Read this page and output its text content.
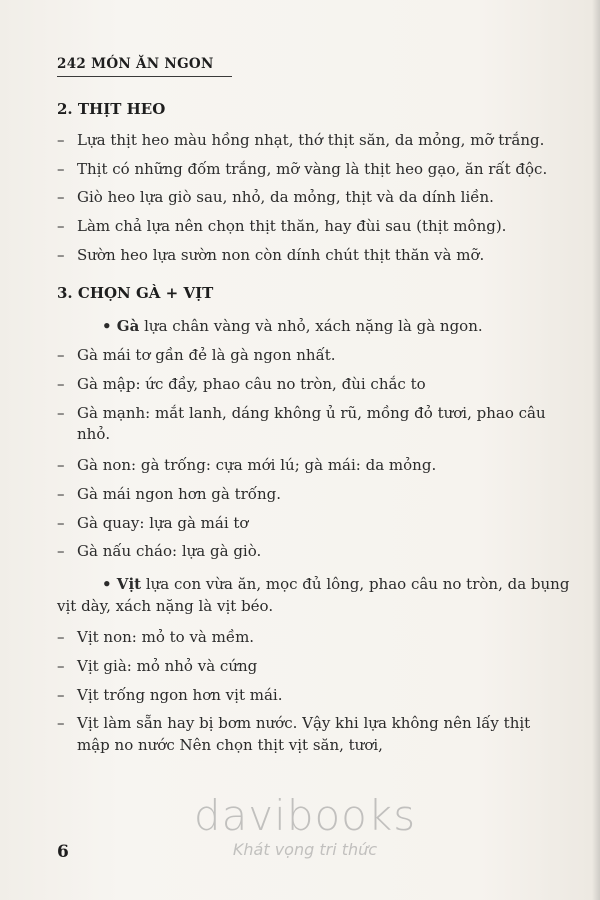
242 MÓN ĂN NGON
2. THỊT HEO
– Lựa thịt heo màu hồng nhạt, thớ thịt săn, da mỏng, mỡ trắng.
– Thịt có những đốm trắng, mỡ vàng là thịt heo gạo, ăn rất độc.
– Giò heo lựa giò sau, nhỏ, da mỏng, thịt và da dính liền.
– Làm chả lựa nên chọn thịt thăn, hay đùi sau (thịt mông).
– Sườn heo lựa sườn non còn dính chút thịt thăn và mỡ.
3. CHỌN GÀ + VỊT
• Gà lựa chân vàng và nhỏ, xách nặng là gà ngon.
– Gà mái tơ gần đẻ là gà ngon nhất.
– Gà mập: ức đầy, phao câu no tròn, đùi chắc to
– Gà mạnh: mắt lanh, dáng không ủ rũ, mồng đỏ tươi, phao câu
nhỏ.
– Gà non: gà trống: cựa mới lú; gà mái: da mỏng.
– Gà mái ngon hơn gà trống.
– Gà quay: lựa gà mái tơ
– Gà nấu cháo: lựa gà giò.
• Vịt lựa con vừa ăn, mọc đủ lông, phao câu no tròn, da bụng
vịt dày, xách nặng là vịt béo.
– Vịt non: mỏ to và mềm.
– Vịt già: mỏ nhỏ và cứng
– Vịt trống ngon hơn vịt mái.
– Vịt làm sẵn hay bị bơm nước. Vậy khi lựa không nên lấy thịt
mập no nước Nên chọn thịt vịt săn, tươi,
davibooks
Khát vọng tri thức
6
